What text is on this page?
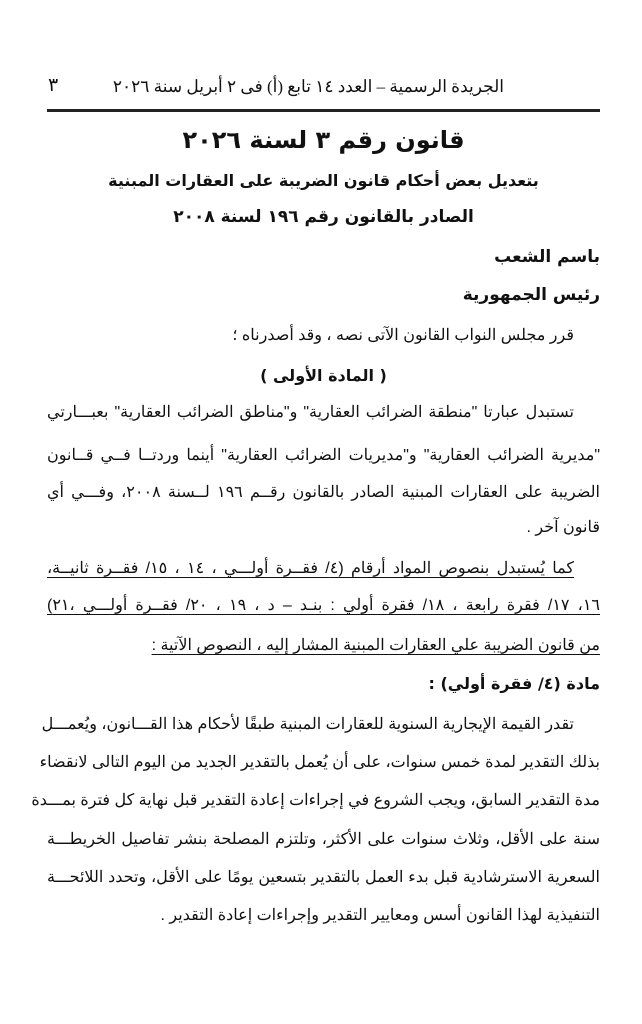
الجريدة الرسمية – العدد ١٤ تابع (أ) فى ٢ أبريل سنة ٢٠٢٦
٣
قانون رقم ٣ لسنة ٢٠٢٦
بتعديل بعض أحكام قانون الضريبة على العقارات المبنية
الصادر بالقانون رقم ١٩٦ لسنة ٢٠٠٨
باسم الشعب
رئيس الجمهورية
قرر مجلس النواب القانون الآتى نصه ، وقد أصدرناه ؛
( المادة الأولى )
تستبدل عبارتا "منطقة الضرائب العقارية" و"مناطق الضرائب العقارية" بعبـــارتي
"مديرية الضرائب العقارية" و"مديريات الضرائب العقارية" أينما وردتــا فــي قــانون
الضريبة على العقارات المبنية الصادر بالقانون رقــم ١٩٦ لــسنة ٢٠٠٨، وفـــي أي
قانون آخر .
كما يُستبدل بنصوص المواد أرقام (٤/ فقــرة أولـــي ، ١٤ ، ١٥/ فقــرة ثانيــة،
١٦، ١٧/ فقرة رابعة ، ١٨/ فقرة أولي : بنـد – د ، ١٩ ، ٢٠/ فقــرة أولـــي ،٢١)
من قانون الضريبة علي العقارات المبنية المشار إليه ، النصوص الآتية :
مادة (٤/ فقرة أولي) :
تقدر القيمة الإيجارية السنوية للعقارات المبنية طبقًا لأحكام هذا القـــانون، ويُعمـــل
بذلك التقدير لمدة خمس سنوات، على أن يُعمل بالتقدير الجديد من اليوم التالى لانقضاء
مدة التقدير السابق، ويجب الشروع في إجراءات إعادة التقدير قبل نهاية كل فترة بمـــدة
سنة على الأقل، وثلاث سنوات على الأكثر، وتلتزم المصلحة بنشر تفاصيل الخريطـــة
السعرية الاسترشادية قبل بدء العمل بالتقدير بتسعين يومًا على الأقل، وتحدد اللائحـــة
التنفيذية لهذا القانون أسس ومعايير التقدير وإجراءات إعادة التقدير .
